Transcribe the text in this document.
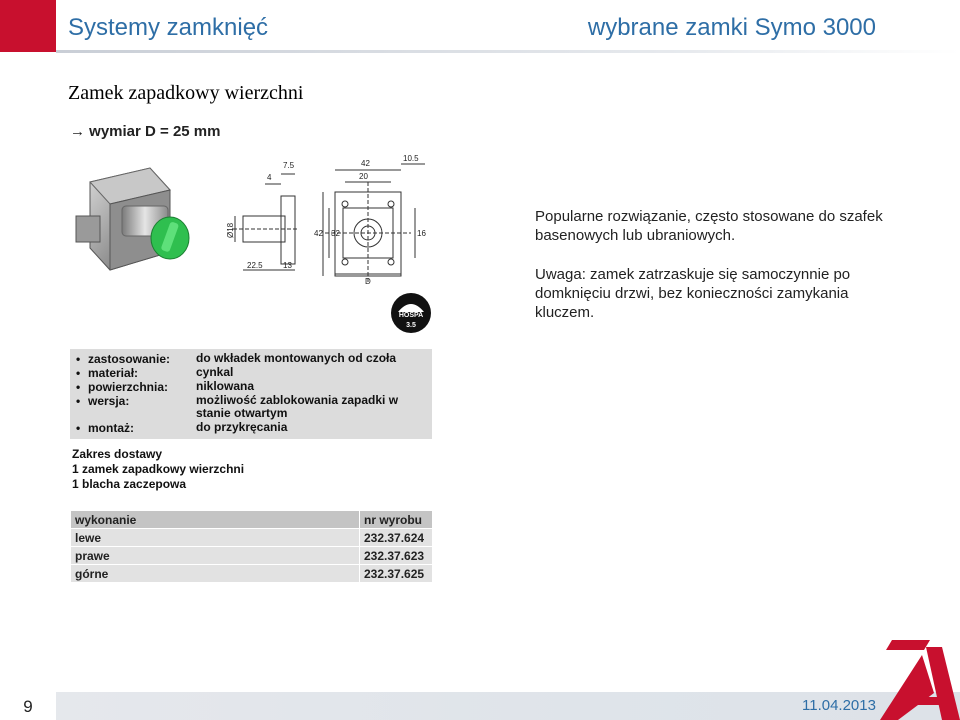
Systemy zamknięć	wybrane zamki Symo 3000
Zamek zapadkowy wierzchni
→ wymiar D = 25 mm
7.5
4
42
20
10.5
Ø18	42 32	16
22.5	13
D
HOSPA
3.5

Popularne rozwiązanie, często stosowane do szafek basenowych lub ubraniowych.

Uwaga: zamek zatrzaskuje się samoczynnie po domknięciu drzwi, bez konieczności zamykania kluczem.

• zastosowanie: do wkładek montowanych od czoła
• materiał:	cynkal
• powierzchnia: niklowana
• wersja:	możliwość zablokowania zapadki w stanie otwartym
• montaż:	do przykręcania
Zakres dostawy
1 zamek zapadkowy wierzchni
1 blacha zaczepowa
wykonanie	nr wyrobu
lewe	232.37.624
prawe	232.37.623
górne	232.37.625
9	11.04.2013
